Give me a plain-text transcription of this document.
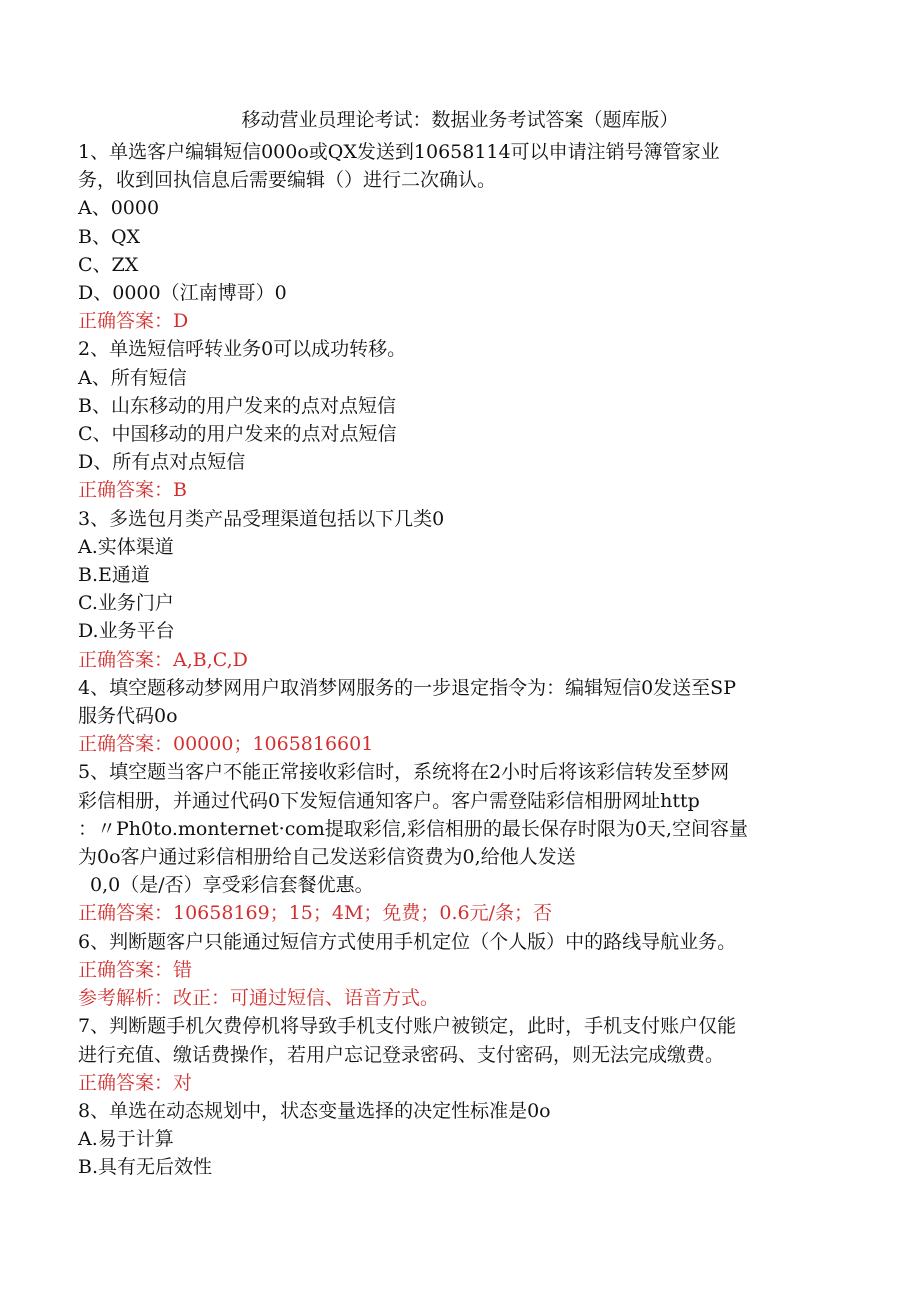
移动营业员理论考试：数据业务考试答案（题库版）
1、单选客户编辑短信000o或QX发送到10658114可以申请注销号簿管家业
务，收到回执信息后需要编辑（）进行二次确认。
A、0000
B、QX
C、ZX
D、0000（江南博哥）0
正确答案：D
2、单选短信呼转业务0可以成功转移。
A、所有短信
B、山东移动的用户发来的点对点短信
C、中国移动的用户发来的点对点短信
D、所有点对点短信
正确答案：B
3、多选包月类产品受理渠道包括以下几类0
A.实体渠道
B.E通道
C.业务门户
D.业务平台
正确答案：A,B,C,D
4、填空题移动梦网用户取消梦网服务的一步退定指令为：编辑短信0发送至SP
服务代码0o
正确答案：00000；1065816601
5、填空题当客户不能正常接收彩信时，系统将在2小时后将该彩信转发至梦网
彩信相册，并通过代码0下发短信通知客户。客户需登陆彩信相册网址http
：〃Ph0to.monternet·com提取彩信,彩信相册的最长保存时限为0天,空间容量
为0o客户通过彩信相册给自己发送彩信资费为0,给他人发送
0,0（是/否）享受彩信套餐优惠。
正确答案：10658169；15；4M；免费；0.6元/条；否
6、判断题客户只能通过短信方式使用手机定位（个人版）中的路线导航业务。
正确答案：错
参考解析：改正：可通过短信、语音方式。
7、判断题手机欠费停机将导致手机支付账户被锁定，此时，手机支付账户仅能
进行充值、缴话费操作，若用户忘记登录密码、支付密码，则无法完成缴费。
正确答案：对
8、单选在动态规划中，状态变量选择的决定性标准是0o
A.易于计算
B.具有无后效性
